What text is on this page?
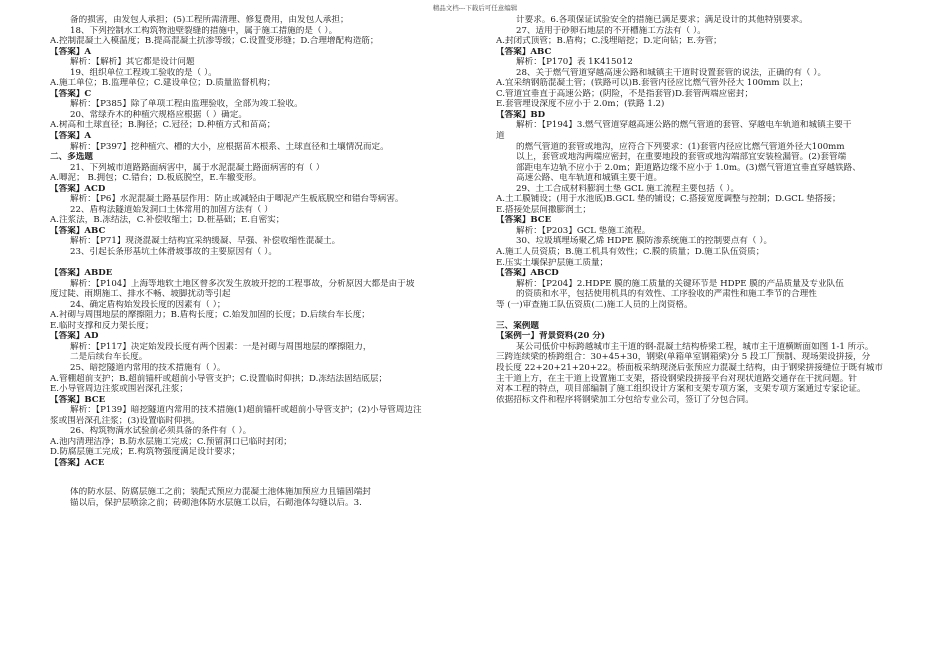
精品文档---下载后可任意编辑
备的损害，由发包人承担；(5)工程所需清理、修复费用，由发包人承担；
18、下列控制水工构筑物池壁裂缝的措施中，属于施工措施的是（ ）。
A.控制混凝土入模温度；B.提高混凝土抗渗等级；C.设置变形缝；D.合理增配构造筋；
【答案】A
解析：【解析】其它都是设计问题
19、组织单位工程竣工验收的是（ ）。
A.施工单位；B.监理单位；C.建设单位；D.质量监督机构；
【答案】C
解析：【P385】除了单项工程由监理验收，全部为竣工验收。
20、常绿乔木的种植穴规格应根据（ ）确定。
A.树高和土球直径；B.胸径；C.冠径；D.种植方式和苗高；
【答案】A
解析：【P397】挖种植穴、槽的大小，应根据苗木根系、土球直径和土壤情况而定。
二、多选题
21、下列城市道路路面病害中，属于水泥混凝土路面病害的有（ ）
A.唧泥； B.拥包；C.错台；D.板底脱空，E.车辙变形。
【答案】ACD
解析：【P6】水泥混凝土路基层作用：防止或减轻由于唧泥产生板底脱空和错台等病害。
22、盾构法隧道始发洞口土体常用的加固方法有（ ）
A.注浆法，B.冻结法，C.补偿收缩土；D.桩基础；E.自密实；
【答案】ABC
解析：【P71】现浇混凝土结构宜采纳缓凝、早强、补偿收缩性混凝土。
23、引起长条形基坑土体滑坡事故的主要原因有（ ）。
【答案】ABDE
解析：【P104】上海等地软土地区曾多次发生放坡开挖的工程事故，分析原因大都是由于坡
度过陡、雨期施工、排水不畅、坡脚扰动等引起
24、确定盾构始发段长度的因素有（ ）；
A.衬砌与周围地层的摩擦阻力；B.盾构长度；C.始发加固的长度；D.后续台车长度；
E.临时支撑和反力架长度；
【答案】AD
解析：【P117】决定始发段长度有两个因素：一是衬砌与周围地层的摩擦阻力，
二是后续台车长度。
25、暗挖隧道内常用的技术措施有（ ）。
A.管棚超前支护；B.超前锚杆或超前小导管支护；C.设置临时仰拱；D.冻结法固结底层；
E.小导管周边注浆或围岩深孔注浆；
【答案】BCE
解析：【P139】暗挖隧道内常用的技术措施(1)超前锚杆或超前小导管支护；(2)小导管周边注
浆或围岩深孔注浆；(3)设置临时仰拱。
26、构筑物满水试验前必须具备的条件有（ ）。
A.池内清理洁净；B.防水层施工完成；C.预留洞口已临时封闭；
D.防腐层施工完成；E.构筑物强度满足设计要求；
【答案】ACE
体的防水层、防腐层施工之前；装配式预应力混凝土池体施加预应力且锚固端封
锚以后，保护层喷涂之前；砖砌池体防水层施工以后，石砌池体勾缝以后。3.
计要求。6.各项保证试验安全的措施已满足要求；满足设计的其他特别要求。
27、适用于砂卵石地层的不开槽施工方法有（ ）。
A.封闭式顶管；B.盾构；C.浅埋暗挖；D.定向钻；E.夯管；
【答案】ABC
解析：【P170】表 1K415012
28、关于燃气管道穿越高速公路和城镇主干道时设置套管的说法，正确的有（ ）。
A.宜采纳钢筋混凝土管；(铁路可以)B.套管内径应比燃气管外径大 100mm 以上；
C.管道宜垂直于高速公路；(阴险，不是指套管)D.套管两端应密封；
E.套管埋设深度不应小于 2.0m；(铁路 1.2)
【答案】BD
解析：【P194】3.燃气管道穿越高速公路的燃气管道的套管、穿越电车轨道和城镇主要干
道
的燃气管道的套管或地沟，应符合下列要求：(1)套管内径应比燃气管道外径大100mm
以上，套管或地沟两端应密封，在重要地段的套管或地沟端部宜安装检漏管。(2)套管端
部距电车边轨不应小于 2.0m；距道路边缘不应小于 1.0m。(3)燃气管道宜垂直穿越铁路、
高速公路、电车轨道和城镇主要干道。
29、土工合成材料膨润土垫 GCL 施工流程主要包括（ ）。
A.土工膜铺设；(用于水池底)B.GCL 垫的铺设；C.搭接宽度调整与控制；D.GCL 垫搭接；
E.搭接处层间撒膨润土；
【答案】BCE
解析：【P203】GCL 垫施工流程。
30、垃圾填埋场聚乙烯 HDPE 膜防渗系统施工的控制要点有（ ）。
A.施工人员资质；B.施工机具有效性；C.膜的质量；D.施工队伍资质；
E.压实土壤保护层施工质量；
【答案】ABCD
解析：【P204】2.HDPE 膜的施工质量的关键环节是 HDPE 膜的产品质量及专业队伍
的资质和水平，包括使用机具的有效性、工序验收的严肃性和施工季节的合理性
等 (一)审查施工队伍资质(二)施工人员的上岗资格。
三、案例题
【案例一】背景资料(20 分)
某公司低价中标跨越城市主干道的钢-混凝土结构桥梁工程，城市主干道横断面如图 1-1 所示。
三跨连续梁的桥跨组合：30+45+30，钢梁(单箱单室钢箱梁)分 5 段工厂预制、现场架设拼接，分
段长度 22+20+21+20+22。桥面板采纳现浇后张预应力混凝土结构，由于钢梁拼接缝位于既有城市
主干道上方，在主干道上设置施工支架，搭设钢梁段拼接平台对现状道路交通存在干扰问题。针
对本工程的特点，项目部编制了施工组织设计方案和支架专项方案，支架专项方案通过专家论证。
依据招标文件和程序将钢梁加工分包给专业公司，签订了分包合同。
